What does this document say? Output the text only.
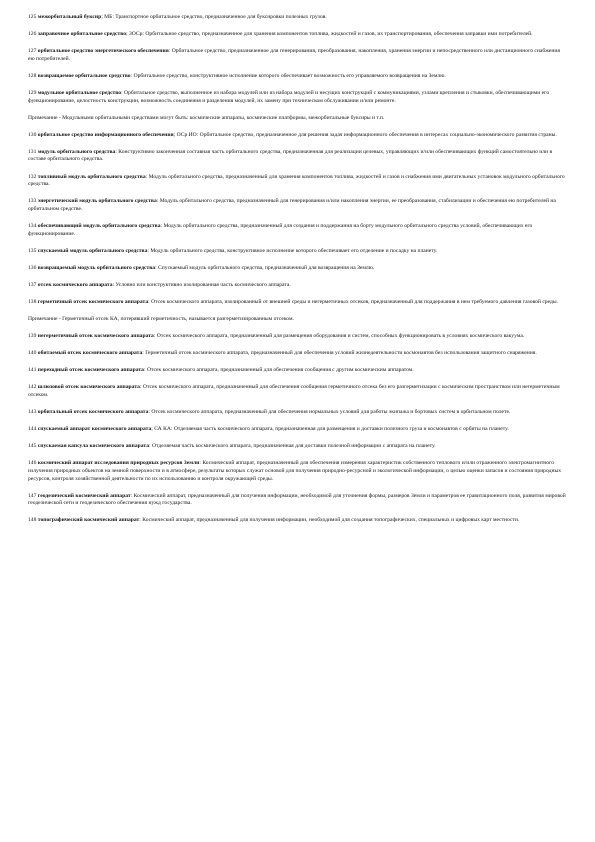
125 межорбитальный буксир; МБ: Транспортное орбитальное средство, предназначенное для буксировки полезных грузов.

126 заправочное орбитальное средство; ЗОСр: Орбитальное средство, предназначенное для хранения компонентов топлива, жидкостей и газов, их транспортирования, обеспечения заправки ими потребителей.

127 орбитальное средство энергетического обеспечения: Орбитальное средство, предназначенное для генерирования, преобразования, накопления, хранения энергии и непосредственного или дистанционного снабжения ею потребителей.

128 возвращаемое орбитальное средство: Орбитальное средство, конструктивное исполнение которого обеспечивает возможность его управляемого возвращения на Землю.

129 модульное орбитальное средство: Орбитальное средство, выполненное из набора модулей или из набора модулей и несущих конструкций с коммуникациями, узлами крепления и стыковки, обеспечивающими его функционирование, целостность конструкции, возможность соединения и разделения модулей, их замену при техническом обслуживании и/или ремонте.

Примечание - Модульными орбитальными средствами могут быть: космические аппараты, космические платформы, межорбитальные буксиры и т.п.

130 орбитальное средство информационного обеспечения; ОСр ИО: Орбитальное средство, предназначенное для решения задач информационного обеспечения в интересах социально-экономического развития страны.

131 модуль орбитального средства: Конструктивно законченная составная часть орбитального средства, предназначенная для реализации целевых, управляющих и/или обеспечивающих функций самостоятельно или в составе орбитального средства.

132 топливный модуль орбитального средства: Модуль орбитального средства, предназначенный для хранения компонентов топлива, жидкостей и газов и снабжения ими двигательных установок модульного орбитального средства.

133 энергетический модуль орбитального средства: Модуль орбитального средства, предназначенный для генерирования и/или накопления энергии, ее преобразования, стабилизации и обеспечения ею потребителей на орбитальном средстве.

134 обеспечивающий модуль орбитального средства: Модуль орбитального средства, предназначенный для создания и поддержания на борту модульного орбитального средства условий, обеспечивающих его функционирование.

135 спускаемый модуль орбитального средства: Модуль орбитального средства, конструктивное исполнение которого обеспечивает его отделение и посадку на планету.

136 возвращаемый модуль орбитального средства: Спускаемый модуль орбитального средства, предназначенный для возвращения на Землю.

137 отсек космического аппарата: Условно или конструктивно изолированная часть космического аппарата.

138 герметичный отсек космического аппарата: Отсек космического аппарата, изолированный от внешней среды и негерметичных отсеков, предназначенный для поддержания в нем требуемого давления газовой среды.

Примечание - Герметичный отсек КА, потерявший герметичность, называется разгерметизированным отсеком.

139 негерметичный отсек космического аппарата: Отсек космического аппарата, предназначенный для размещения оборудования и систем, способных функционировать в условиях космического вакуума.

140 обитаемый отсек космического аппарата: Герметичный отсек космического аппарата, предназначенный для обеспечения условий жизнедеятельности космонавтов без использования защитного снаряжения.

141 переходный отсек космического аппарата: Отсек космического аппарата, предназначенный для обеспечения сообщения с другим космическим аппаратом.

142 шлюзовой отсек космического аппарата: Отсек космического аппарата, предназначенный для обеспечения сообщения герметичного отсека без его разгерметизации с космическим пространством или негерметичным отсеком.

143 орбитальный отсек космического аппарата: Отсек космического аппарата, предназначенный для обеспечения нормальных условий для работы экипажа и бортовых систем в орбитальном полете.

144 спускаемый аппарат космического аппарата; СА КА: Отделяемая часть космического аппарата, предназначенная для размещения и доставки полезного груза и космонавтов с орбиты на планету.

145 спускаемая капсула космического аппарата: Отделяемая часть космического аппарата, предназначенная для доставки полезной информации с аппарата на планету.

146 космический аппарат исследования природных ресурсов Земли: Космический аппарат, предназначенный для обеспечения измерения характеристик собственного теплового и/или отраженного электромагнитного излучения природных объектов на земной поверхности и в атмосфере, результаты которых служат основой для получения природно-ресурсной и экологической информации, о целью оценки запасов и состояния природных ресурсов, контроля хозяйственной деятельности по их использованию и контроля окружающей среды.

147 геодезический космический аппарат: Космический аппарат, предназначенный для получения информации, необходимой для уточнения формы, размеров Земли и параметров ее гравитационного поля, развития мировой геодезической сети и геодезического обеспечения нужд государства.

148 топографический космический аппарат: Космический аппарат, предназначенный для получения информации, необходимой для создания топографических, специальных и цифровых карт местности.
